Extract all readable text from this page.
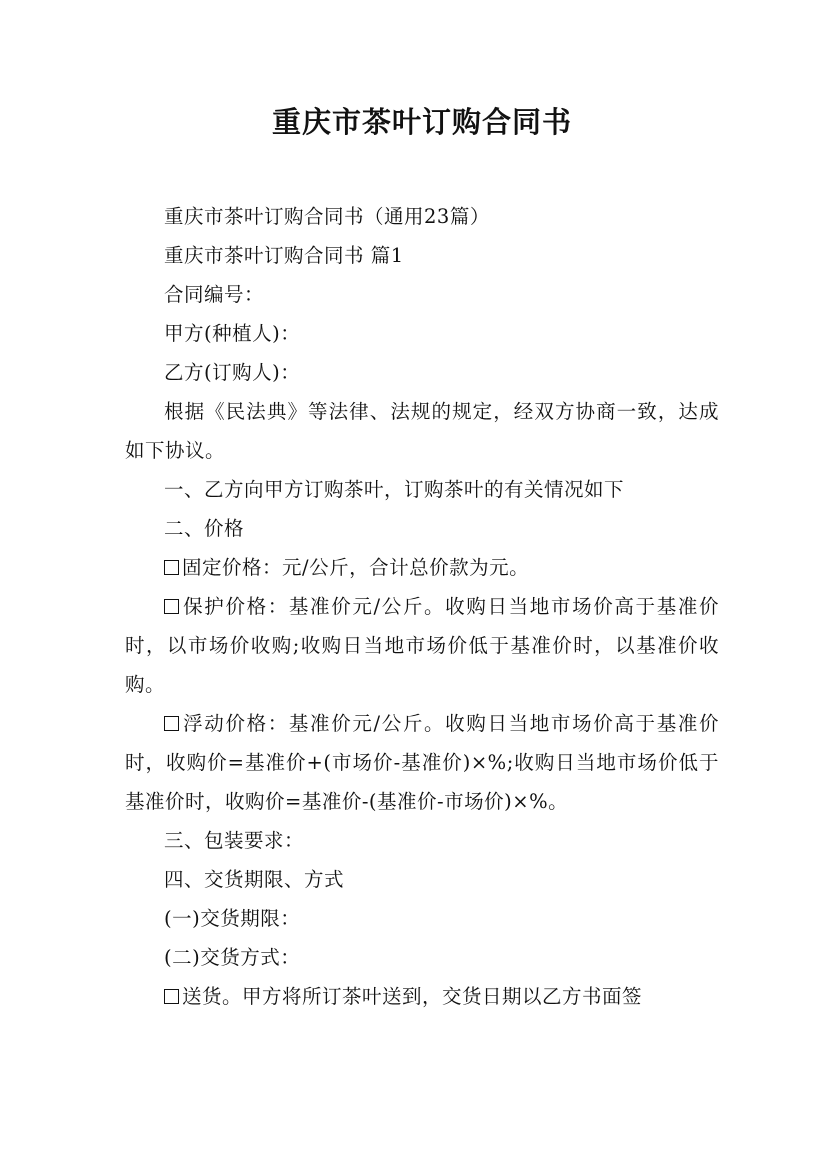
重庆市茶叶订购合同书

重庆市茶叶订购合同书（通用23篇）

重庆市茶叶订购合同书 篇1

合同编号：

甲方(种植人)：

乙方(订购人)：

根据《民法典》等法律、法规的规定，经双方协商一致，达成如下协议。

一、乙方向甲方订购茶叶，订购茶叶的有关情况如下

二、价格

固定价格：元/公斤，合计总价款为元。

保护价格：基准价元/公斤。收购日当地市场价高于基准价时，以市场价收购;收购日当地市场价低于基准价时，以基准价收购。

浮动价格：基准价元/公斤。收购日当地市场价高于基准价时，收购价=基准价+(市场价-基准价)×%;收购日当地市场价低于基准价时，收购价=基准价-(基准价-市场价)×%。

三、包装要求：

四、交货期限、方式

(一)交货期限：

(二)交货方式：

送货。甲方将所订茶叶送到，交货日期以乙方书面签
